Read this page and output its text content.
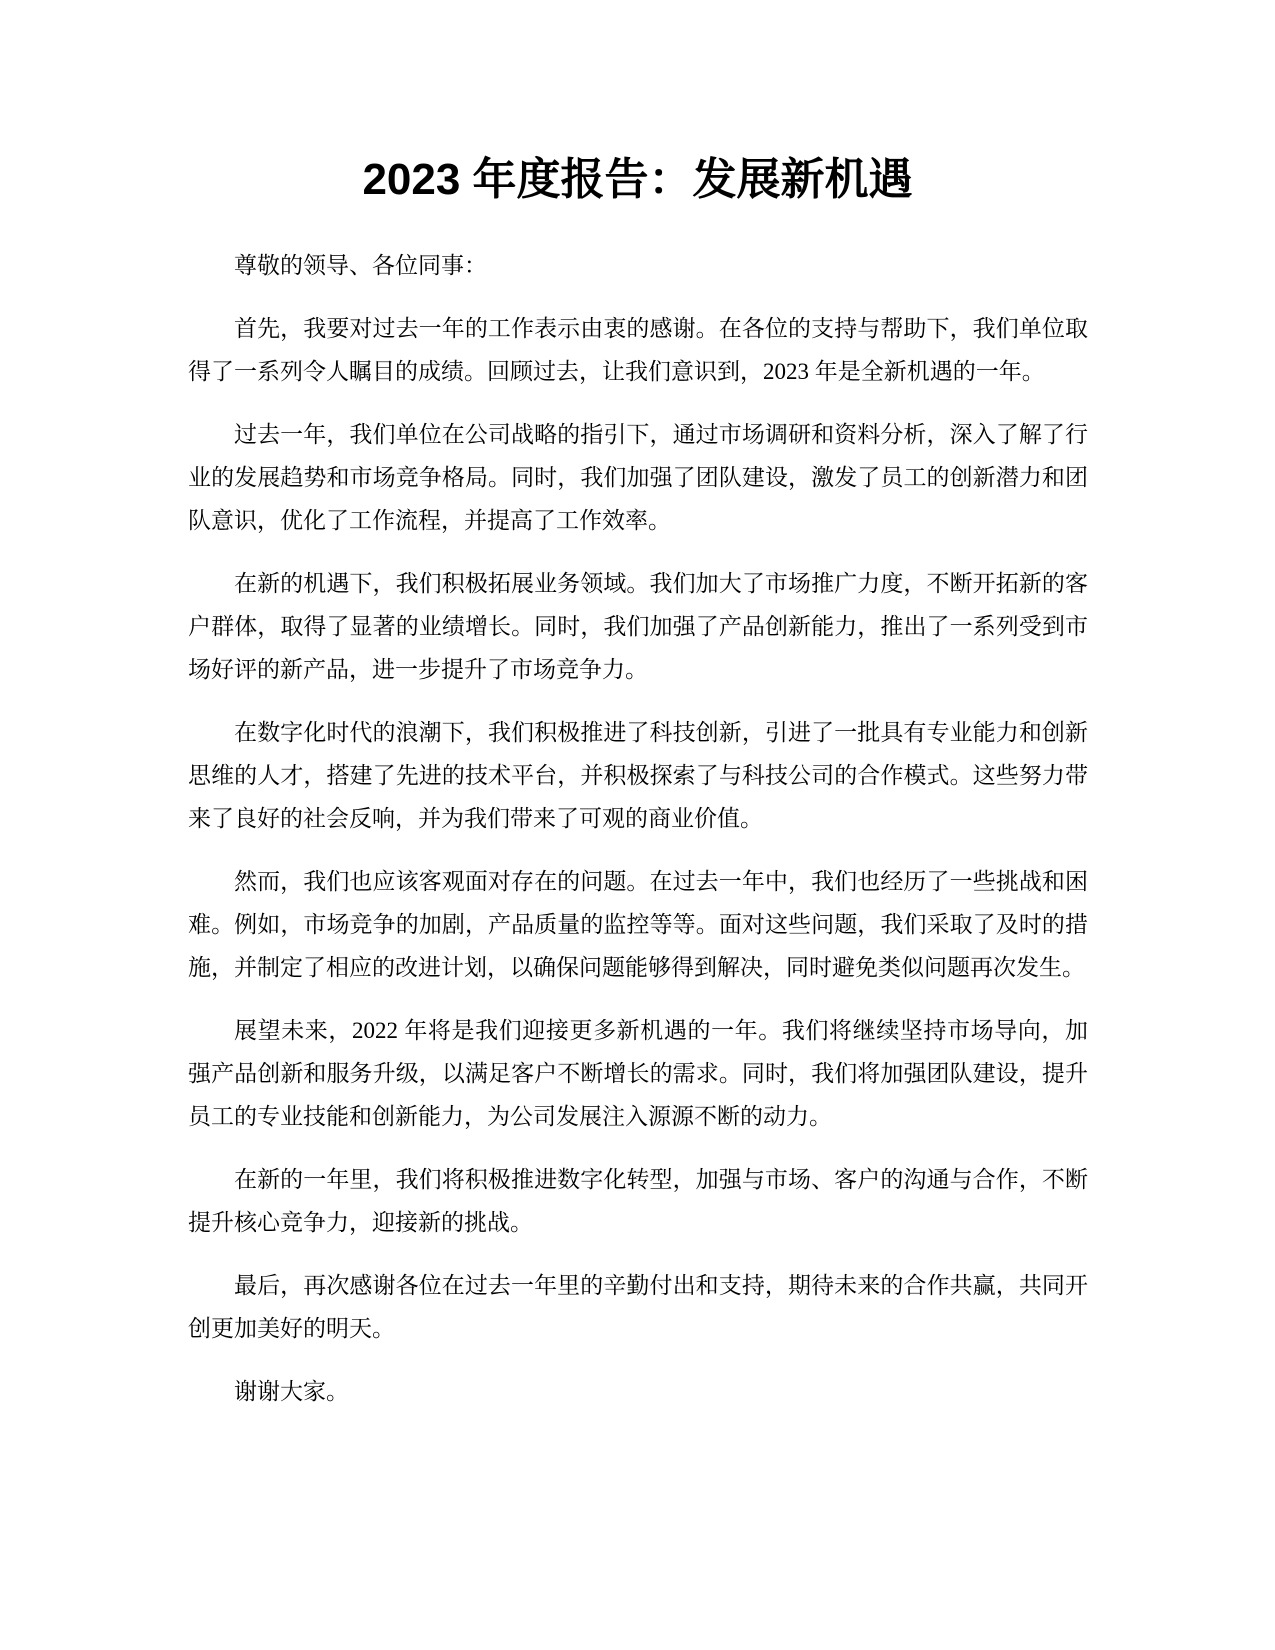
2023 年度报告：发展新机遇

尊敬的领导、各位同事：

首先，我要对过去一年的工作表示由衷的感谢。在各位的支持与帮助下，我们单位取得了一系列令人瞩目的成绩。回顾过去，让我们意识到，2023 年是全新机遇的一年。

过去一年，我们单位在公司战略的指引下，通过市场调研和资料分析，深入了解了行业的发展趋势和市场竞争格局。同时，我们加强了团队建设，激发了员工的创新潜力和团队意识，优化了工作流程，并提高了工作效率。

在新的机遇下，我们积极拓展业务领域。我们加大了市场推广力度，不断开拓新的客户群体，取得了显著的业绩增长。同时，我们加强了产品创新能力，推出了一系列受到市场好评的新产品，进一步提升了市场竞争力。

在数字化时代的浪潮下，我们积极推进了科技创新，引进了一批具有专业能力和创新思维的人才，搭建了先进的技术平台，并积极探索了与科技公司的合作模式。这些努力带来了良好的社会反响，并为我们带来了可观的商业价值。

然而，我们也应该客观面对存在的问题。在过去一年中，我们也经历了一些挑战和困难。例如，市场竞争的加剧，产品质量的监控等等。面对这些问题，我们采取了及时的措施，并制定了相应的改进计划，以确保问题能够得到解决，同时避免类似问题再次发生。

展望未来，2022 年将是我们迎接更多新机遇的一年。我们将继续坚持市场导向，加强产品创新和服务升级，以满足客户不断增长的需求。同时，我们将加强团队建设，提升员工的专业技能和创新能力，为公司发展注入源源不断的动力。

在新的一年里，我们将积极推进数字化转型，加强与市场、客户的沟通与合作，不断提升核心竞争力，迎接新的挑战。

最后，再次感谢各位在过去一年里的辛勤付出和支持，期待未来的合作共赢，共同开创更加美好的明天。

谢谢大家。
